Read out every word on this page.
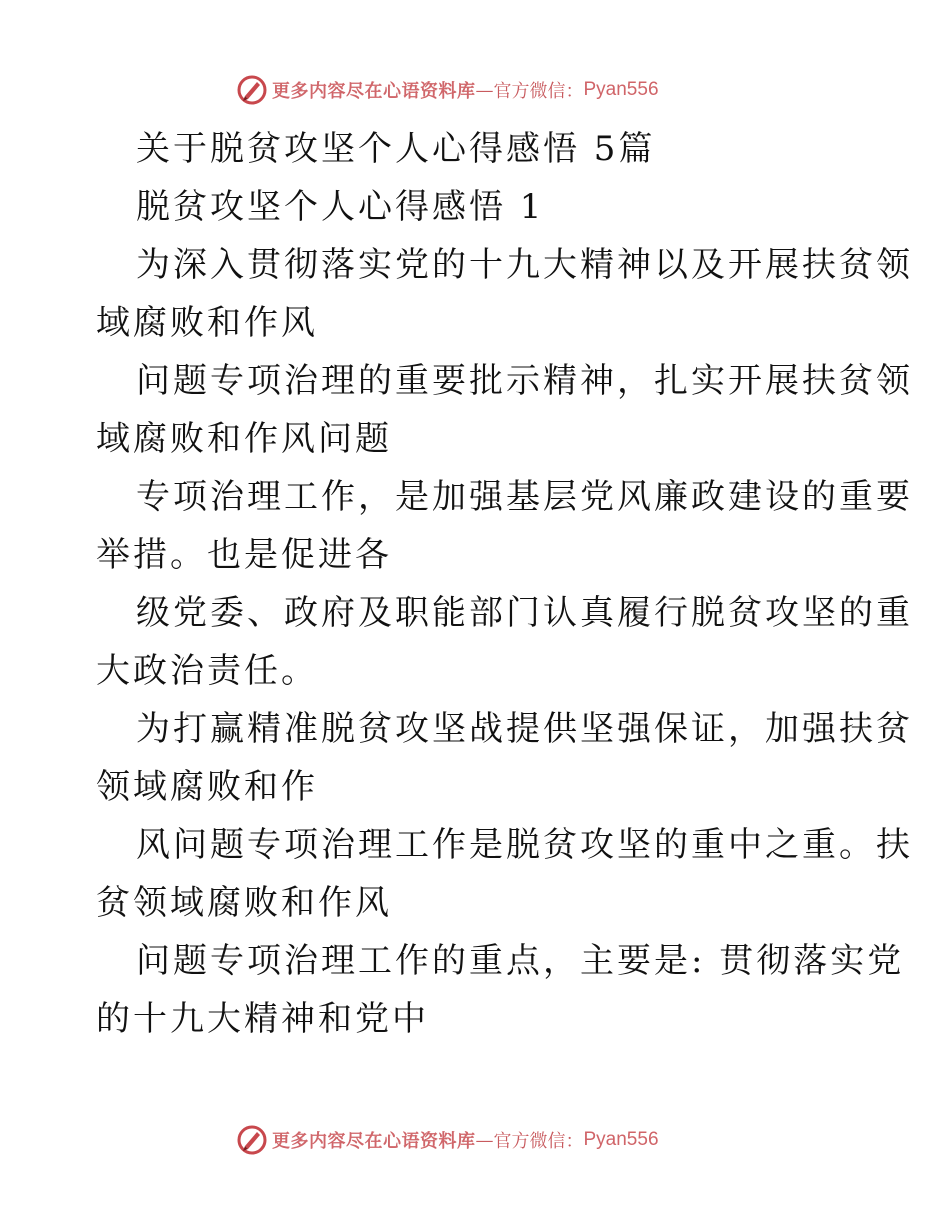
更多内容尽在心语资料库 — 官方微信： Pyan556
关于脱贫攻坚个人心得感悟 5篇
脱贫攻坚个人心得感悟 1
为深入贯彻落实党的十九大精神以及开展扶贫领
域腐败和作风
问题专项治理的重要批示精神，扎实开展扶贫领
域腐败和作风问题
专项治理工作，是加强基层党风廉政建设的重要
举措。也是促进各
级党委、政府及职能部门认真履行脱贫攻坚的重
大政治责任。
为打赢精准脱贫攻坚战提供坚强保证，加强扶贫
领域腐败和作
风问题专项治理工作是脱贫攻坚的重中之重。扶
贫领域腐败和作风
问题专项治理工作的重点，主要是: 贯彻落实党
的十九大精神和党中
更多内容尽在心语资料库 — 官方微信： Pyan556
